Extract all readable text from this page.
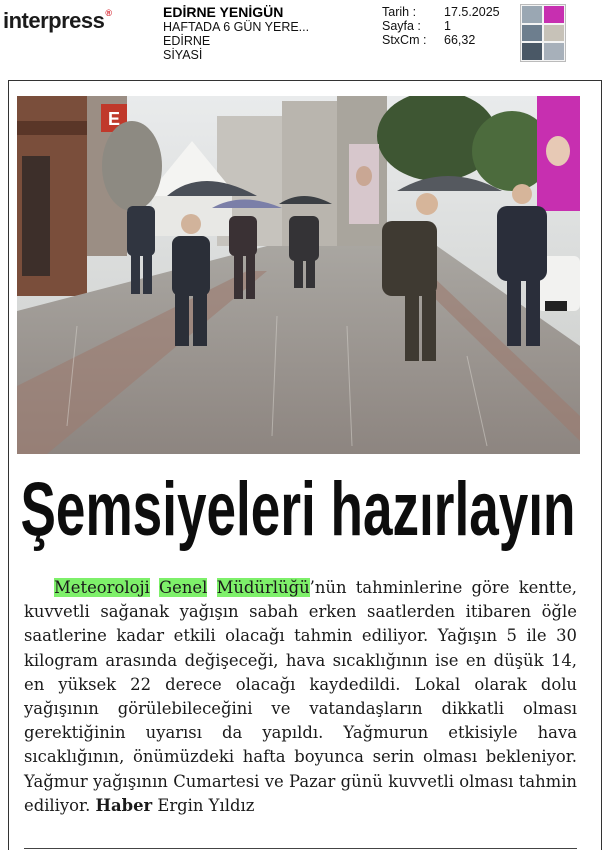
interpress®	EDİRNE YENİGÜN
HAFTADA 6 GÜN YERE...
EDİRNE
SİYASİ
Tarih :	17.5.2025
Sayfa :	1
StxCm :	66,32
E
Şemsiyeleri hazırlayın

Meteoroloji Genel Müdürlüğü’nün tahminlerine göre kentte, kuvvetli sağanak yağışın sabah erken saatlerden itibaren öğle saatlerine kadar etkili olacağı tahmin ediliyor. Yağışın 5 ile 30 kilogram arasında değişeceği, hava sıcaklığının ise en düşük 14, en yüksek 22 derece olacağı kaydedildi. Lokal olarak dolu yağışının görülebileceğini ve vatandaşların dikkatli olması gerektiğinin uyarısı da yapıldı. Yağmurun etkisiyle hava sıcaklığının, önümüzdeki hafta boyunca serin olması bekleniyor. Yağmur yağışının Cumartesi ve Pazar günü kuvvetli olması tahmin ediliyor. Haber Ergin Yıldız
